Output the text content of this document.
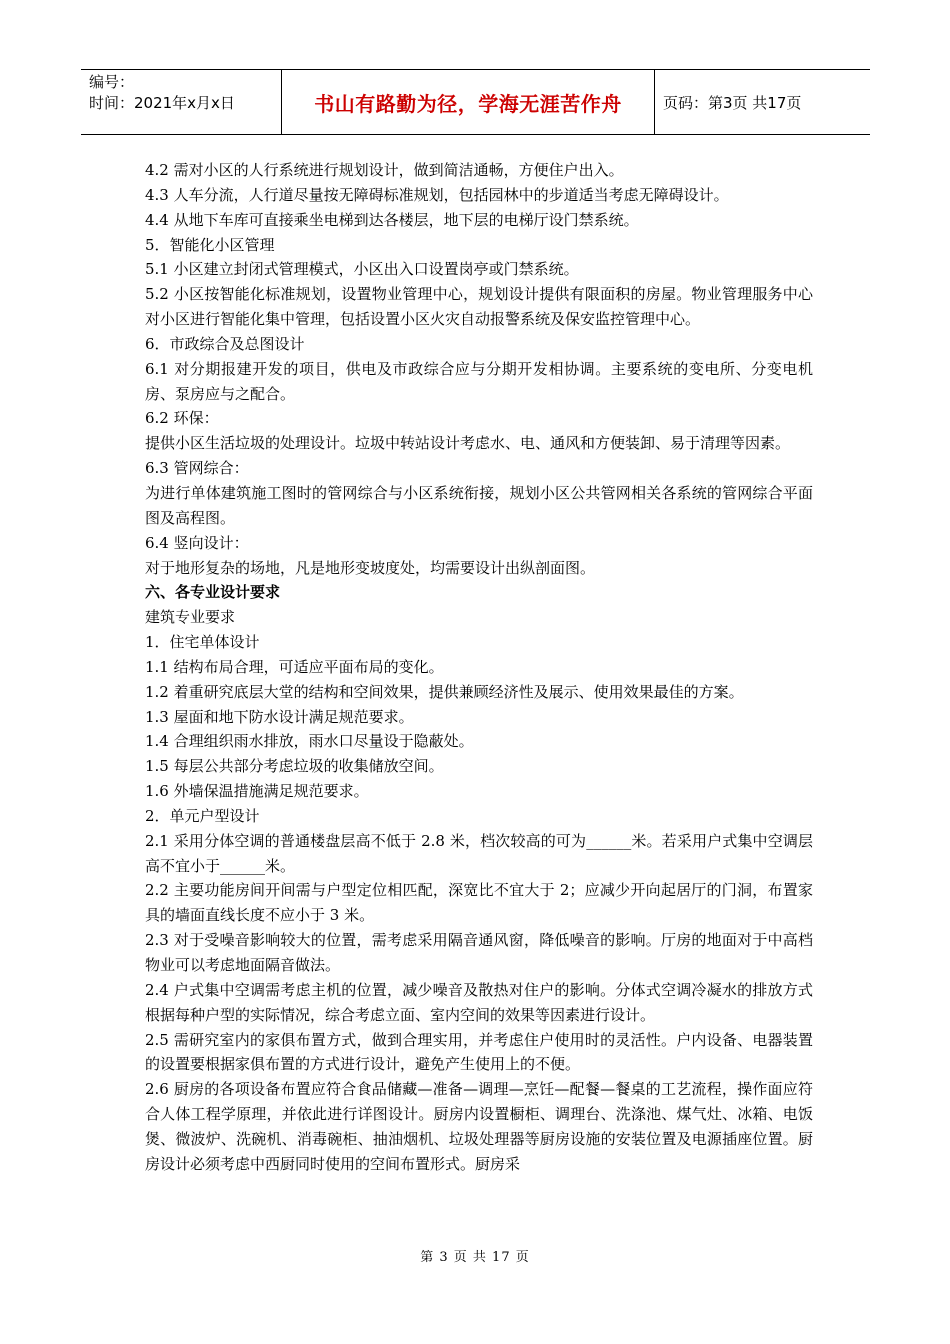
编号：
时间：2021年x月x日	书山有路勤为径，学海无涯苦作舟	页码：第3页 共17页

4.2 需对小区的人行系统进行规划设计，做到简洁通畅，方便住户出入。

4.3 人车分流，人行道尽量按无障碍标准规划，包括园林中的步道适当考虑无障碍设计。

4.4 从地下车库可直接乘坐电梯到达各楼层，地下层的电梯厅设门禁系统。

5．智能化小区管理

5.1 小区建立封闭式管理模式，小区出入口设置岗亭或门禁系统。

5.2 小区按智能化标准规划，设置物业管理中心，规划设计提供有限面积的房屋。物业管理服务中心对小区进行智能化集中管理，包括设置小区火灾自动报警系统及保安监控管理中心。

6．市政综合及总图设计

6.1 对分期报建开发的项目，供电及市政综合应与分期开发相协调。主要系统的变电所、分变电机房、泵房应与之配合。

6.2 环保：

提供小区生活垃圾的处理设计。垃圾中转站设计考虑水、电、通风和方便装卸、易于清理等因素。

6.3 管网综合：

为进行单体建筑施工图时的管网综合与小区系统衔接，规划小区公共管网相关各系统的管网综合平面图及高程图。

6.4 竖向设计：

对于地形复杂的场地，凡是地形变坡度处，均需要设计出纵剖面图。

六、各专业设计要求

建筑专业要求

1．住宅单体设计

1.1 结构布局合理，可适应平面布局的变化。

1.2 着重研究底层大堂的结构和空间效果，提供兼顾经济性及展示、使用效果最佳的方案。

1.3 屋面和地下防水设计满足规范要求。

1.4 合理组织雨水排放，雨水口尽量设于隐蔽处。

1.5 每层公共部分考虑垃圾的收集储放空间。

1.6 外墙保温措施满足规范要求。

2．单元户型设计

2.1 采用分体空调的普通楼盘层高不低于 2.8 米，档次较高的可为______米。若采用户式集中空调层高不宜小于______米。

2.2 主要功能房间开间需与户型定位相匹配，深宽比不宜大于 2；应减少开向起居厅的门洞，布置家具的墙面直线长度不应小于 3 米。

2.3 对于受噪音影响较大的位置，需考虑采用隔音通风窗，降低噪音的影响。厅房的地面对于中高档物业可以考虑地面隔音做法。

2.4 户式集中空调需考虑主机的位置，减少噪音及散热对住户的影响。分体式空调冷凝水的排放方式根据每种户型的实际情况，综合考虑立面、室内空间的效果等因素进行设计。

2.5 需研究室内的家俱布置方式，做到合理实用，并考虑住户使用时的灵活性。户内设备、电器装置的设置要根据家俱布置的方式进行设计，避免产生使用上的不便。

2.6 厨房的各项设备布置应符合食品储藏—准备—调理—烹饪—配餐—餐桌的工艺流程，操作面应符合人体工程学原理，并依此进行详图设计。厨房内设置橱柜、调理台、洗涤池、煤气灶、冰箱、电饭煲、微波炉、洗碗机、消毒碗柜、抽油烟机、垃圾处理器等厨房设施的安装位置及电源插座位置。厨房设计必须考虑中西厨同时使用的空间布置形式。厨房采

第 3 页 共 17 页
